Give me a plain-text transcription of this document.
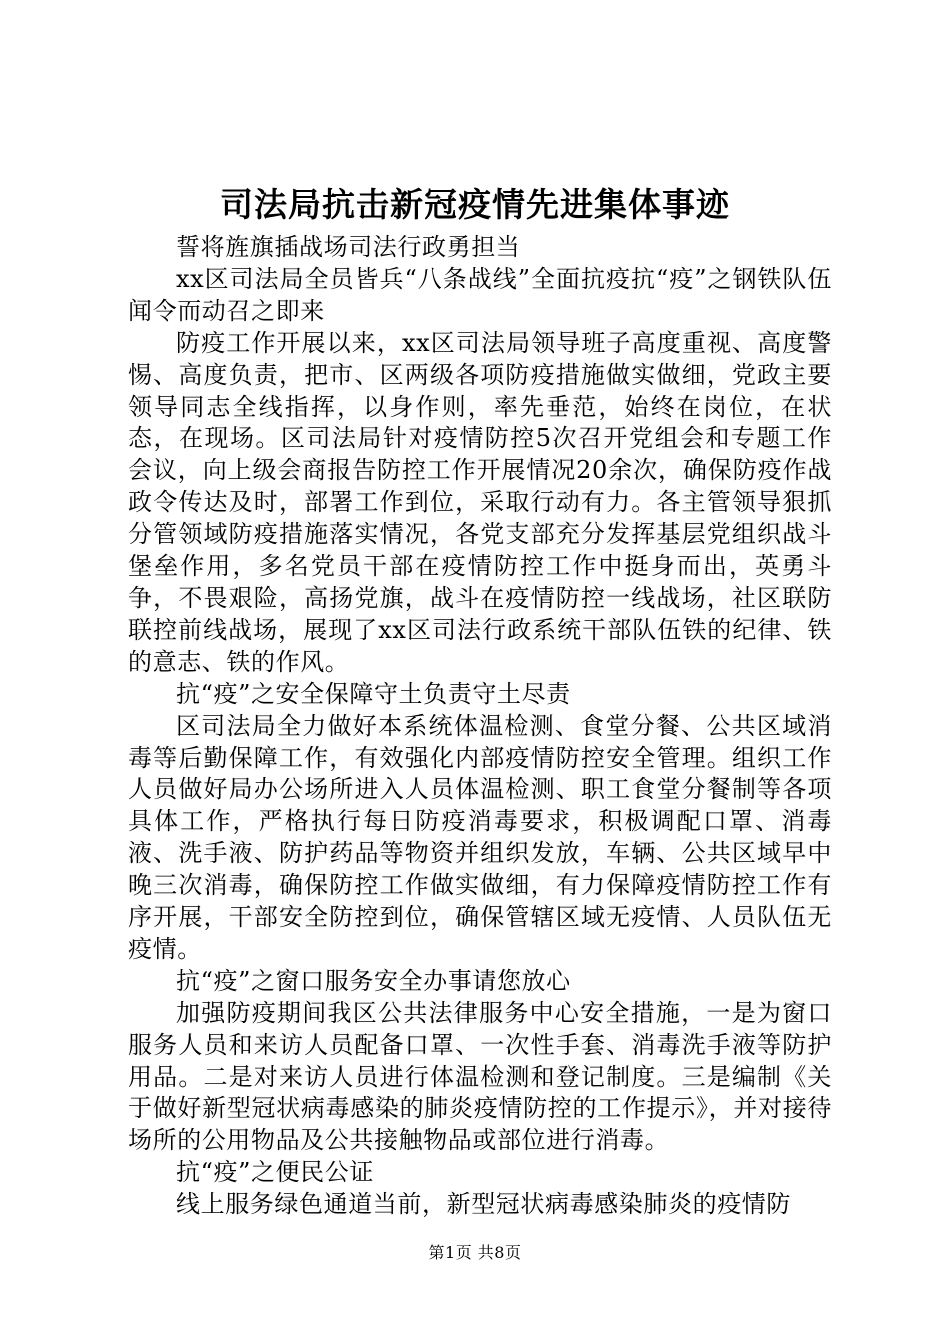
司法局抗击新冠疫情先进集体事迹

誓将旌旗插战场司法行政勇担当

xx区司法局全员皆兵“八条战线”全面抗疫抗“疫”之钢铁队伍闻令而动召之即来

防疫工作开展以来，xx区司法局领导班子高度重视、高度警惕、高度负责，把市、区两级各项防疫措施做实做细，党政主要领导同志全线指挥，以身作则，率先垂范，始终在岗位，在状态，在现场。区司法局针对疫情防控5次召开党组会和专题工作会议，向上级会商报告防控工作开展情况20余次，确保防疫作战政令传达及时，部署工作到位，采取行动有力。各主管领导狠抓分管领域防疫措施落实情况，各党支部充分发挥基层党组织战斗堡垒作用，多名党员干部在疫情防控工作中挺身而出，英勇斗争，不畏艰险，高扬党旗，战斗在疫情防控一线战场，社区联防联控前线战场，展现了xx区司法行政系统干部队伍铁的纪律、铁的意志、铁的作风。

抗“疫”之安全保障守土负责守土尽责

区司法局全力做好本系统体温检测、食堂分餐、公共区域消毒等后勤保障工作，有效强化内部疫情防控安全管理。组织工作人员做好局办公场所进入人员体温检测、职工食堂分餐制等各项具体工作，严格执行每日防疫消毒要求，积极调配口罩、消毒液、洗手液、防护药品等物资并组织发放，车辆、公共区域早中晚三次消毒，确保防控工作做实做细，有力保障疫情防控工作有序开展，干部安全防控到位，确保管辖区域无疫情、人员队伍无疫情。

抗“疫”之窗口服务安全办事请您放心

加强防疫期间我区公共法律服务中心安全措施，一是为窗口服务人员和来访人员配备口罩、一次性手套、消毒洗手液等防护用品。二是对来访人员进行体温检测和登记制度。三是编制《关于做好新型冠状病毒感染的肺炎疫情防控的工作提示》，并对接待场所的公用物品及公共接触物品或部位进行消毒。

抗“疫”之便民公证

线上服务绿色通道当前，新型冠状病毒感染肺炎的疫情防

第1页 共8页
